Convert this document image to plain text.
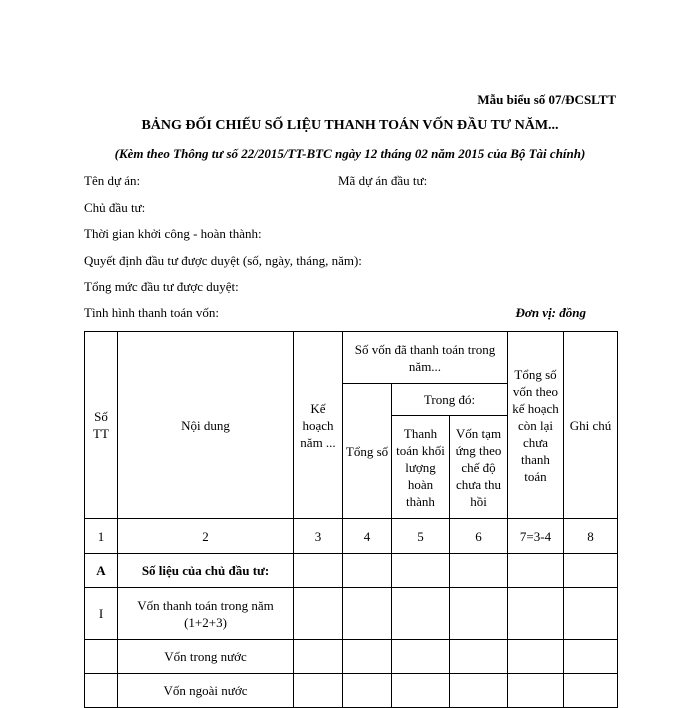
Mẫu biểu số 07/ĐCSLTT
BẢNG ĐỐI CHIẾU SỐ LIỆU THANH TOÁN VỐN ĐẦU TƯ NĂM...
(Kèm theo Thông tư số 22/2015/TT-BTC ngày 12 tháng 02 năm 2015 của Bộ Tài chính)
Tên dự án:	Mã dự án đầu tư:
Chủ đầu tư:
Thời gian khởi công - hoàn thành:
Quyết định đầu tư được duyệt (số, ngày, tháng, năm):
Tổng mức đầu tư được duyệt:
Tình hình thanh toán vốn:	Đơn vị: đồng
Số TT	Nội dung	Kế hoạch năm ...	Số vốn đã thanh toán trong năm...			Tổng số vốn theo kế hoạch còn lại chưa thanh toán	Ghi chú
			Tổng số	Trong đó:			
				Thanh toán khối lượng hoàn thành	Vốn tạm ứng theo chế độ chưa thu hồi		
1	2	3	4	5	6	7=3-4	8
A	Số liệu của chủ đầu tư:						
I	Vốn thanh toán trong năm (1+2+3)						
	Vốn trong nước						
	Vốn ngoài nước						
